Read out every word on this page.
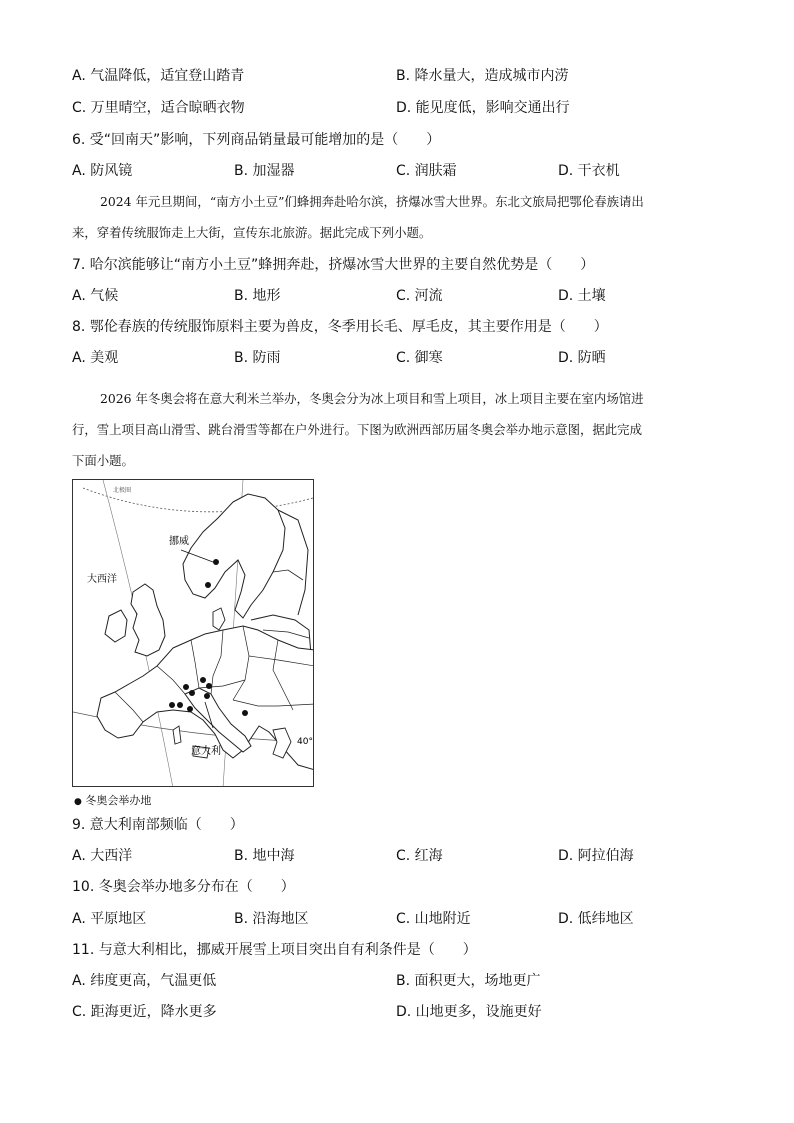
A. 气温降低，适宜登山踏青	B. 降水量大，造成城市内涝
C. 万里晴空，适合晾晒衣物	D. 能见度低，影响交通出行
6. 受“回南天”影响，下列商品销量最可能增加的是（　　）
A. 防风镜	B. 加湿器	C. 润肤霜	D. 干衣机
2024 年元旦期间，“南方小土豆”们蜂拥奔赴哈尔滨，挤爆冰雪大世界。东北文旅局把鄂伦春族请出
来，穿着传统服饰走上大街，宣传东北旅游。据此完成下列小题。
7. 哈尔滨能够让“南方小土豆”蜂拥奔赴，挤爆冰雪大世界的主要自然优势是（　　）
A. 气候	B. 地形	C. 河流	D. 土壤
8. 鄂伦春族的传统服饰原料主要为兽皮，冬季用长毛、厚毛皮，其主要作用是（　　）
A. 美观	B. 防雨	C. 御寒	D. 防晒
2026 年冬奥会将在意大利米兰举办，冬奥会分为冰上项目和雪上项目，冰上项目主要在室内场馆进
行，雪上项目高山滑雪、跳台滑雪等都在户外进行。下图为欧洲西部历届冬奥会举办地示意图，据此完成
下面小题。
挪威
大西洋
意大利
40°
北极圈
● 冬奥会举办地
9. 意大利南部频临（　　）
A. 大西洋	B. 地中海	C. 红海	D. 阿拉伯海
10. 冬奥会举办地多分布在（　　）
A. 平原地区	B. 沿海地区	C. 山地附近	D. 低纬地区
11. 与意大利相比，挪威开展雪上项目突出自有利条件是（　　）
A. 纬度更高，气温更低	B. 面积更大，场地更广
C. 距海更近，降水更多	D. 山地更多，设施更好
